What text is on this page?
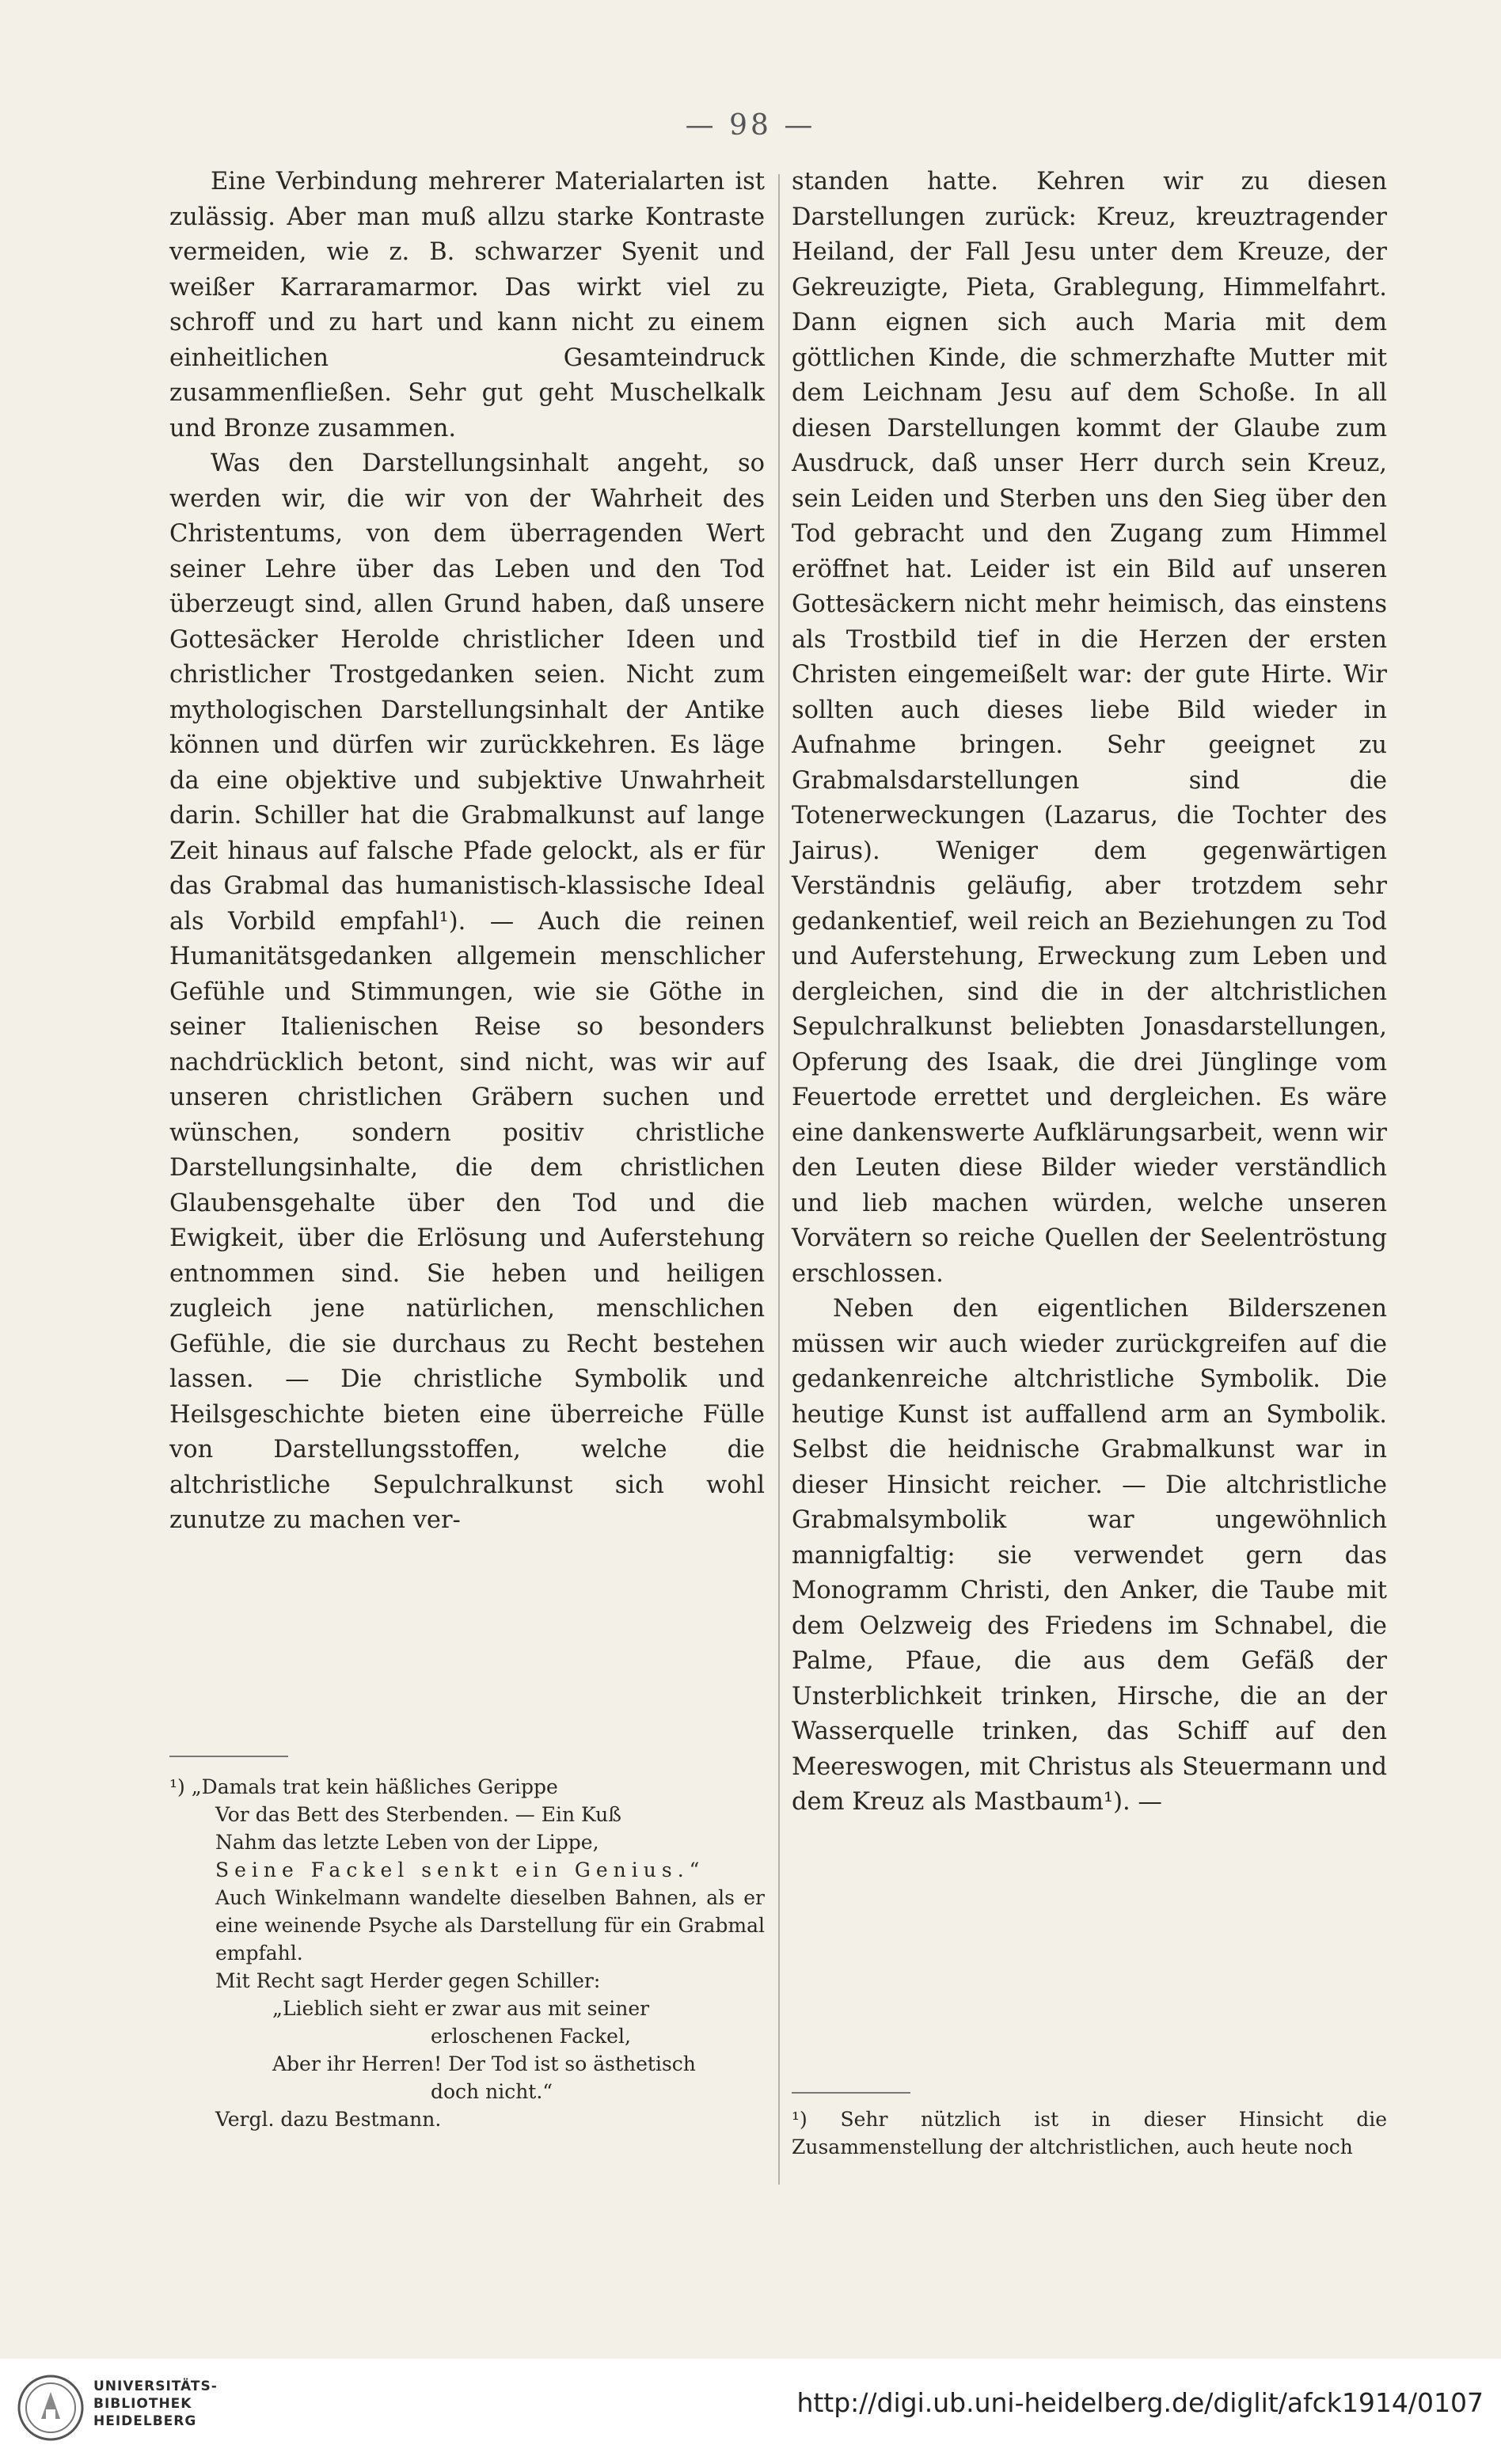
— 98 —

Eine Verbindung mehrerer Materialarten ist zulässig. Aber man muß allzu starke Kontraste vermeiden, wie z. B. schwarzer Syenit und weißer Karraramarmor. Das wirkt viel zu schroff und zu hart und kann nicht zu einem einheitlichen Gesamteindruck zusammenfließen. Sehr gut geht Muschelkalk und Bronze zusammen.

Was den Darstellungsinhalt angeht, so werden wir, die wir von der Wahrheit des Christentums, von dem überragenden Wert seiner Lehre über das Leben und den Tod überzeugt sind, allen Grund haben, daß unsere Gottesäcker Herolde christlicher Ideen und christlicher Trostgedanken seien. Nicht zum mythologischen Darstellungsinhalt der Antike können und dürfen wir zurückkehren. Es läge da eine objektive und subjektive Unwahrheit darin. Schiller hat die Grabmalkunst auf lange Zeit hinaus auf falsche Pfade gelockt, als er für das Grabmal das humanistisch-klassische Ideal als Vorbild empfahl¹). — Auch die reinen Humanitätsgedanken allgemein menschlicher Gefühle und Stimmungen, wie sie Göthe in seiner Italienischen Reise so besonders nachdrücklich betont, sind nicht, was wir auf unseren christlichen Gräbern suchen und wünschen, sondern positiv christliche Darstellungsinhalte, die dem christlichen Glaubensgehalte über den Tod und die Ewigkeit, über die Erlösung und Auferstehung entnommen sind. Sie heben und heiligen zugleich jene natürlichen, menschlichen Gefühle, die sie durchaus zu Recht bestehen lassen. — Die christliche Symbolik und Heilsgeschichte bieten eine überreiche Fülle von Darstellungsstoffen, welche die altchristliche Sepulchralkunst sich wohl zunutze zu machen ver-

standen hatte. Kehren wir zu diesen Darstellungen zurück: Kreuz, kreuztragender Heiland, der Fall Jesu unter dem Kreuze, der Gekreuzigte, Pieta, Grablegung, Himmelfahrt. Dann eignen sich auch Maria mit dem göttlichen Kinde, die schmerzhafte Mutter mit dem Leichnam Jesu auf dem Schoße. In all diesen Darstellungen kommt der Glaube zum Ausdruck, daß unser Herr durch sein Kreuz, sein Leiden und Sterben uns den Sieg über den Tod gebracht und den Zugang zum Himmel eröffnet hat. Leider ist ein Bild auf unseren Gottesäckern nicht mehr heimisch, das einstens als Trostbild tief in die Herzen der ersten Christen eingemeißelt war: der gute Hirte. Wir sollten auch dieses liebe Bild wieder in Aufnahme bringen. Sehr geeignet zu Grabmalsdarstellungen sind die Totenerweckungen (Lazarus, die Tochter des Jairus). Weniger dem gegenwärtigen Verständnis geläufig, aber trotzdem sehr gedankentief, weil reich an Beziehungen zu Tod und Auferstehung, Erweckung zum Leben und dergleichen, sind die in der altchristlichen Sepulchralkunst beliebten Jonasdarstellungen, Opferung des Isaak, die drei Jünglinge vom Feuertode errettet und dergleichen. Es wäre eine dankenswerte Aufklärungsarbeit, wenn wir den Leuten diese Bilder wieder verständlich und lieb machen würden, welche unseren Vorvätern so reiche Quellen der Seelentröstung erschlossen.

Neben den eigentlichen Bilderszenen müssen wir auch wieder zurückgreifen auf die gedankenreiche altchristliche Symbolik. Die heutige Kunst ist auffallend arm an Symbolik. Selbst die heidnische Grabmalkunst war in dieser Hinsicht reicher. — Die altchristliche Grabmalsymbolik war ungewöhnlich mannigfaltig: sie verwendet gern das Monogramm Christi, den Anker, die Taube mit dem Oelzweig des Friedens im Schnabel, die Palme, Pfaue, die aus dem Gefäß der Unsterblichkeit trinken, Hirsche, die an der Wasserquelle trinken, das Schiff auf den Meereswogen, mit Christus als Steuermann und dem Kreuz als Mastbaum¹). —

¹) „Damals trat kein häßliches Gerippe

Vor das Bett des Sterbenden. — Ein Kuß

Nahm das letzte Leben von der Lippe,

Seine Fackel senkt ein Genius.“

Auch Winkelmann wandelte dieselben Bahnen, als er eine weinende Psyche als Darstellung für ein Grabmal empfahl.

Mit Recht sagt Herder gegen Schiller:

„Lieblich sieht er zwar aus mit seiner

erloschenen Fackel,

Aber ihr Herren! Der Tod ist so ästhetisch

doch nicht.“

Vergl. dazu Bestmann.	¹) Sehr nützlich ist in dieser Hinsicht die Zusammenstellung der altchristlichen, auch heute noch

UNIVERSITÄTS-
BIBLIOTHEK
HEIDELBERG
http://digi.ub.uni-heidelberg.de/diglit/afck1914/0107
